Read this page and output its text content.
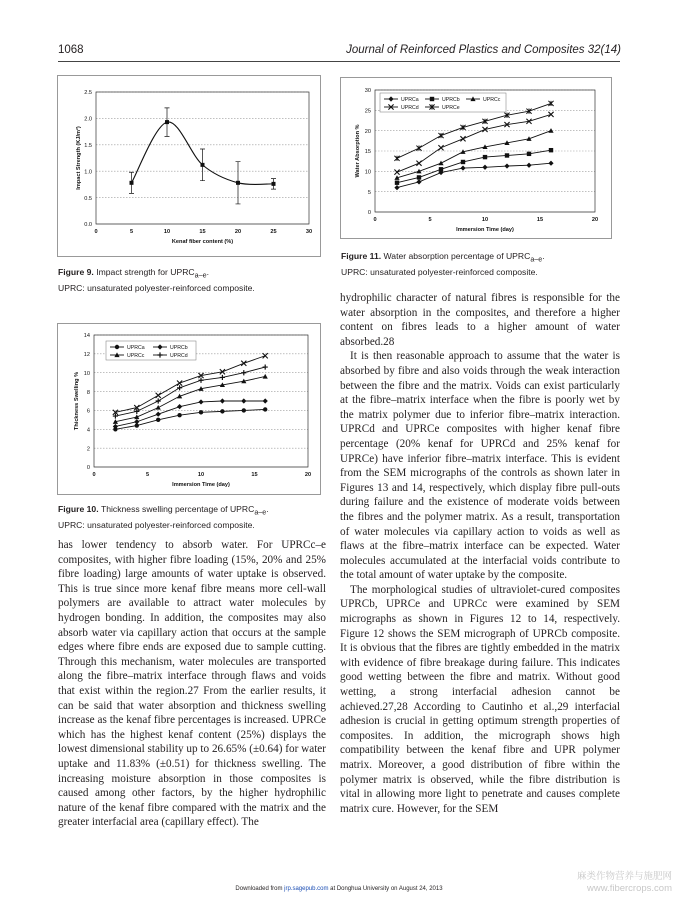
1068	Journal of Reinforced Plastics and Composites 32(14)
0.0
0.5
1.0
1.5
2.0
2.5
0	5	10	15	20	25	30
Kenaf fiber content (%)
Impact Strength (KJ/m²)
Figure 9. Impact strength for $UPRC_{a-e}$.
UPRC: unsaturated polyester-reinforced composite.
0
2
4
6
8
10
12
14
0	5	10	15	20
Immersion Time (day)
Thickness Swelling %
UPRCa	UPRCb
UPRCc	UPRCd
Figure 10. Thickness swelling percentage of $UPRC_{a-e}$.
UPRC: unsaturated polyester-reinforced composite.
0
5
10
15
20
25
30
0	5	10	15	20
Immersion Time (day)
Water Absorption %
UPRCa	UPRCb	UPRCc
UPRCd	UPRCe
Figure 11. Water absorption percentage of $UPRC_{a-e}$.
UPRC: unsaturated polyester-reinforced composite.

has lower tendency to absorb water. For UPRCc–e composites, with higher fibre loading (15%, 20% and 25% fibre loading) large amounts of water uptake is observed. This is true since more kenaf fibre means more cell-wall polymers are available to attract water molecules by hydrogen bonding. In addition, the composites may also absorb water via capillary action that occurs at the sample edges where fibre ends are exposed due to sample cutting. Through this mechanism, water molecules are transported along the fibre–matrix interface through flaws and voids that exist within the region.27 From the earlier results, it can be said that water absorption and thickness swelling increase as the kenaf fibre percentages is increased. UPRCe which has the highest kenaf content (25%) displays the lowest dimensional stability up to 26.65% (±0.64) for water uptake and 11.83% (±0.51) for thickness swelling. The increasing moisture absorption in those composites is caused among other factors, by the higher hydrophilic nature of the kenaf fibre compared with the matrix and the greater interfacial area (capillary effect). The

hydrophilic character of natural fibres is responsible for the water absorption in the composites, and therefore a higher content on fibres leads to a higher amount of water absorbed.28

It is then reasonable approach to assume that the water is absorbed by fibre and also voids through the weak interaction between the fibre and the matrix. Voids can exist particularly at the fibre–matrix interface when the fibre is poorly wet by the matrix polymer due to inferior fibre–matrix interaction. UPRCd and UPRCe composites with higher kenaf fibre percentage (20% kenaf for UPRCd and 25% kenaf for UPRCe) have inferior fibre–matrix interface. This is evident from the SEM micrographs of the controls as shown later in Figures 13 and 14, respectively, which display fibre pull-outs during failure and the existence of moderate voids between the fibres and the polymer matrix. As a result, transportation of water molecules via capillary action to voids as well as flaws at the fibre–matrix interface can be expected. Water molecules accumulated at the interfacial voids contribute to the total amount of water uptake by the composite.

The morphological studies of ultraviolet-cured composites UPRCb, UPRCe and UPRCc were examined by SEM micrographs as shown in Figures 12 to 14, respectively. Figure 12 shows the SEM micrograph of UPRCb composite. It is obvious that the fibres are tightly embedded in the matrix with evidence of fibre breakage during failure. This indicates good wetting between the fibre and matrix. Without good wetting, a strong interfacial adhesion cannot be achieved.27,28 According to Cautinho et al.,29 interfacial adhesion is crucial in getting optimum strength properties of composites. In addition, the micrograph shows high compatibility between the kenaf fibre and UPR polymer matrix. Moreover, a good distribution of fibre within the polymer matrix is observed, while the fibre distribution is vital in allowing more light to penetrate and causes complete matrix cure. However, for the SEM

Downloaded from jrp.sagepub.com at Donghua University on August 24, 2013
麻类作物营养与施肥网
www.fibercrops.com
